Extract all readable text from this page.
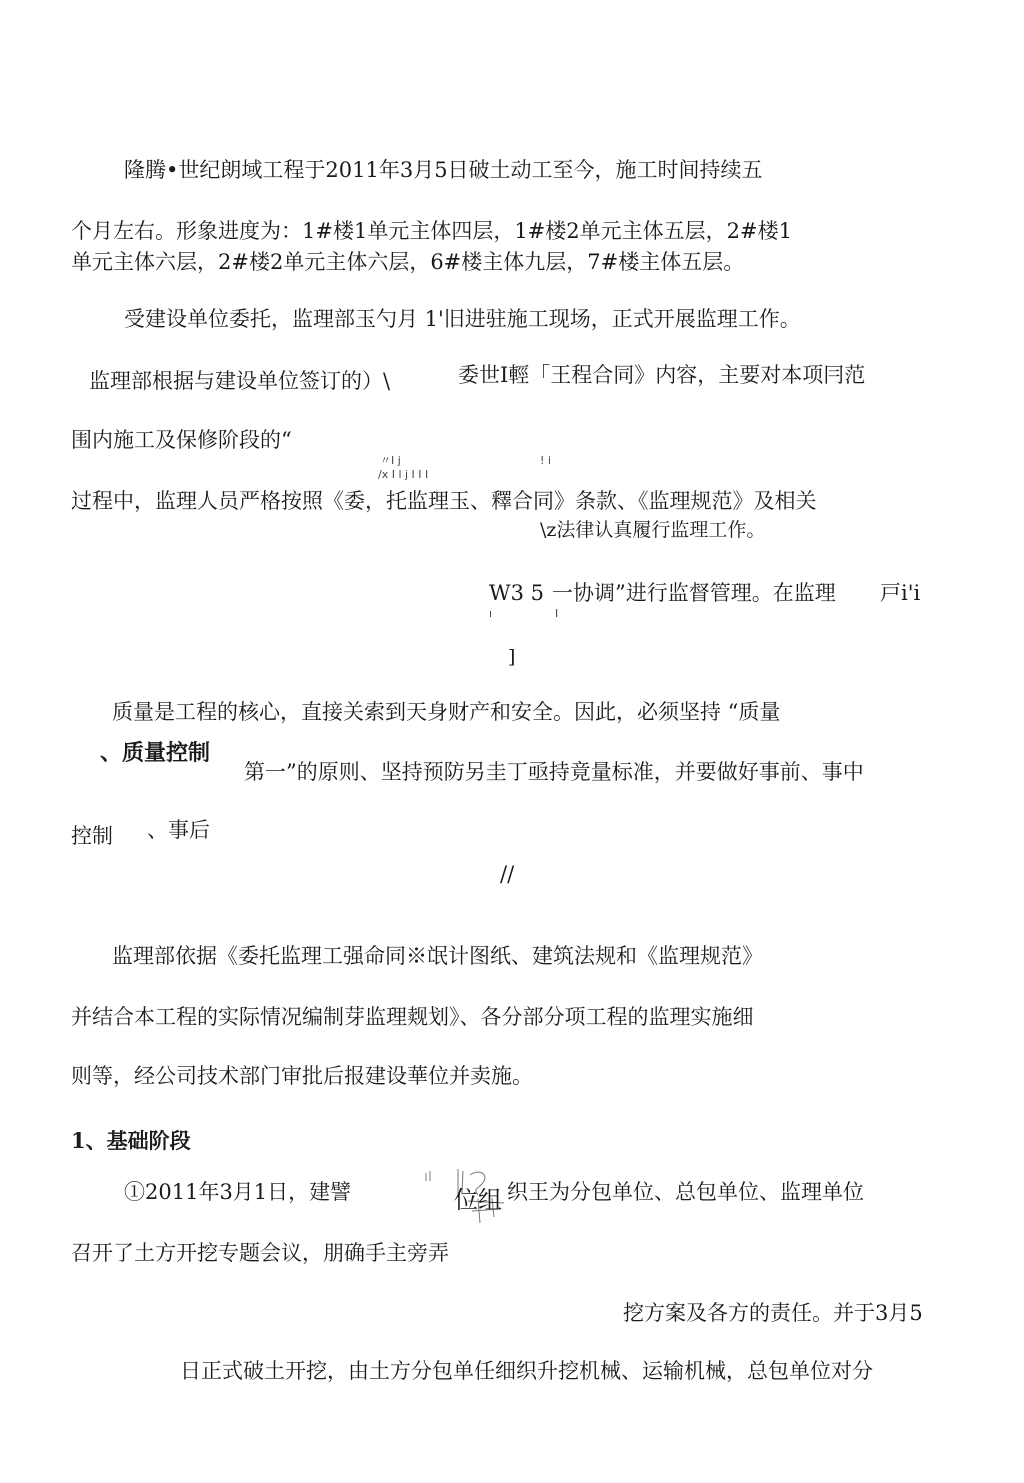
隆腾•世纪朗域工程于2011年3月5日破土动工至今，施工时间持续五
个月左右。形象进度为：1#楼1单元主体四层，1#楼2单元主体五层，2#楼1
单元主体六层，2#楼2单元主体六层，6#楼主体九层，7#楼主体五层。
受建设单位委托，监理部玉勺月 1'旧进驻施工现场，正式开展监理工作。
监理部根据与建设单位签订的）\	委世I輕「王程合同》内容，主要对本项冃范
围内施工及保修阶段的“
〃I j
/x I l j I I I
! i
过程中，监理人员严格按照《委，托监理玉、釋合同》条款、《监理规范》及相关
\z法律认真履行监理工作。
W3 5 一协调”进行监督管理。在监理 戸i'i
ı	I
]
质量是工程的核心，直接关索到天身财产和安全。因此，必须坚持 “质量
、质量控制
第一”的原则、坚持预防另圭丁亟持竟量标准，并要做好事前、事中
控制 、事后
//
监理部依据《委托监理工强命同※氓计图纸、建筑法规和《监理规范》
并结合本工程的实际情况编制芽监理觌划》、各分部分项工程的监理实施细
则等，经公司技术部门审批后报建设華位并卖施。
1、基础阶段
①2011年3月1日，建譬	位组 织王为分包单位、总包单位、监理单位
召开了土方开挖专题会议，朋确手主旁弄
挖方案及各方的责任。并于3月5
日正式破土开挖，由土方分包单任细织升挖机械、运输机械，总包单位对分
